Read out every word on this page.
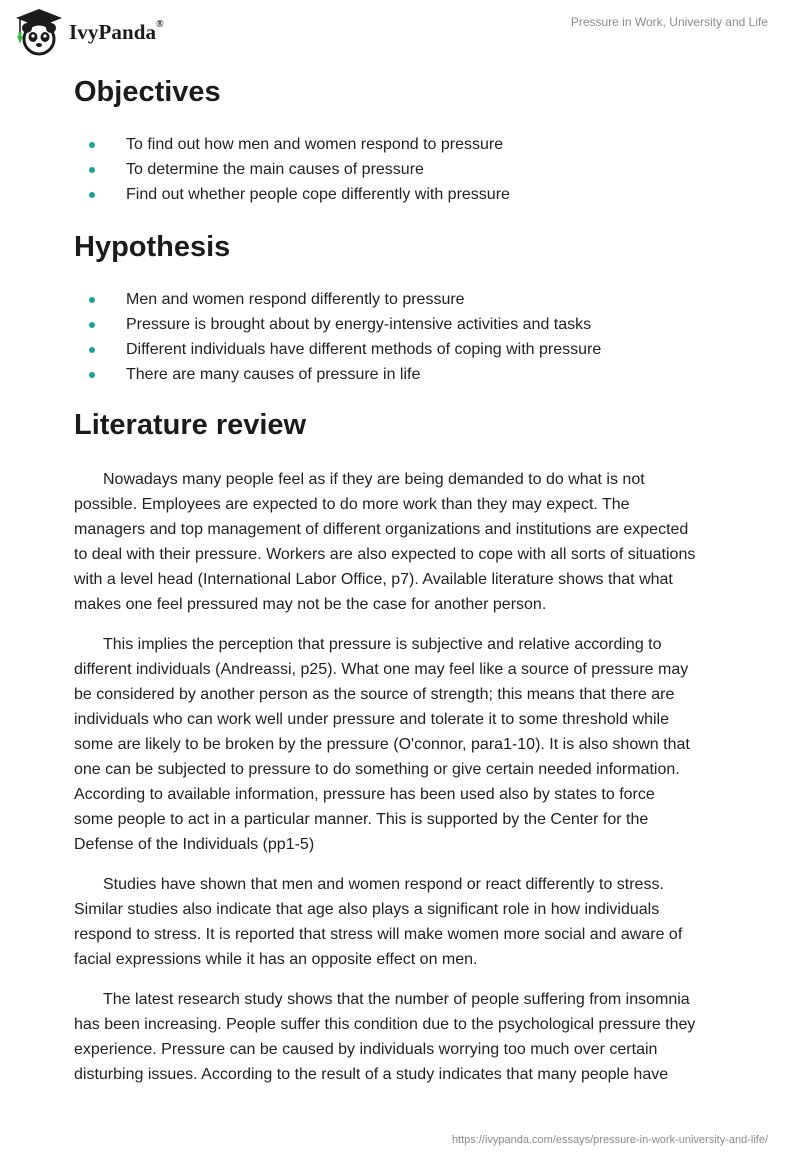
IvyPanda®	Pressure in Work, University and Life
Objectives
To find out how men and women respond to pressure
To determine the main causes of pressure
Find out whether people cope differently with pressure
Hypothesis
Men and women respond differently to pressure
Pressure is brought about by energy-intensive activities and tasks
Different individuals have different methods of coping with pressure
There are many causes of pressure in life
Literature review

Nowadays many people feel as if they are being demanded to do what is not
possible. Employees are expected to do more work than they may expect. The
managers and top management of different organizations and institutions are expected
to deal with their pressure. Workers are also expected to cope with all sorts of situations
with a level head (International Labor Office, p7). Available literature shows that what
makes one feel pressured may not be the case for another person.

This implies the perception that pressure is subjective and relative according to
different individuals (Andreassi, p25). What one may feel like a source of pressure may
be considered by another person as the source of strength; this means that there are
individuals who can work well under pressure and tolerate it to some threshold while
some are likely to be broken by the pressure (O'connor, para1-10). It is also shown that
one can be subjected to pressure to do something or give certain needed information.
According to available information, pressure has been used also by states to force
some people to act in a particular manner. This is supported by the Center for the
Defense of the Individuals (pp1-5)

Studies have shown that men and women respond or react differently to stress.
Similar studies also indicate that age also plays a significant role in how individuals
respond to stress. It is reported that stress will make women more social and aware of
facial expressions while it has an opposite effect on men.

The latest research study shows that the number of people suffering from insomnia
has been increasing. People suffer this condition due to the psychological pressure they
experience. Pressure can be caused by individuals worrying too much over certain
disturbing issues. According to the result of a study indicates that many people have

https://ivypanda.com/essays/pressure-in-work-university-and-life/
